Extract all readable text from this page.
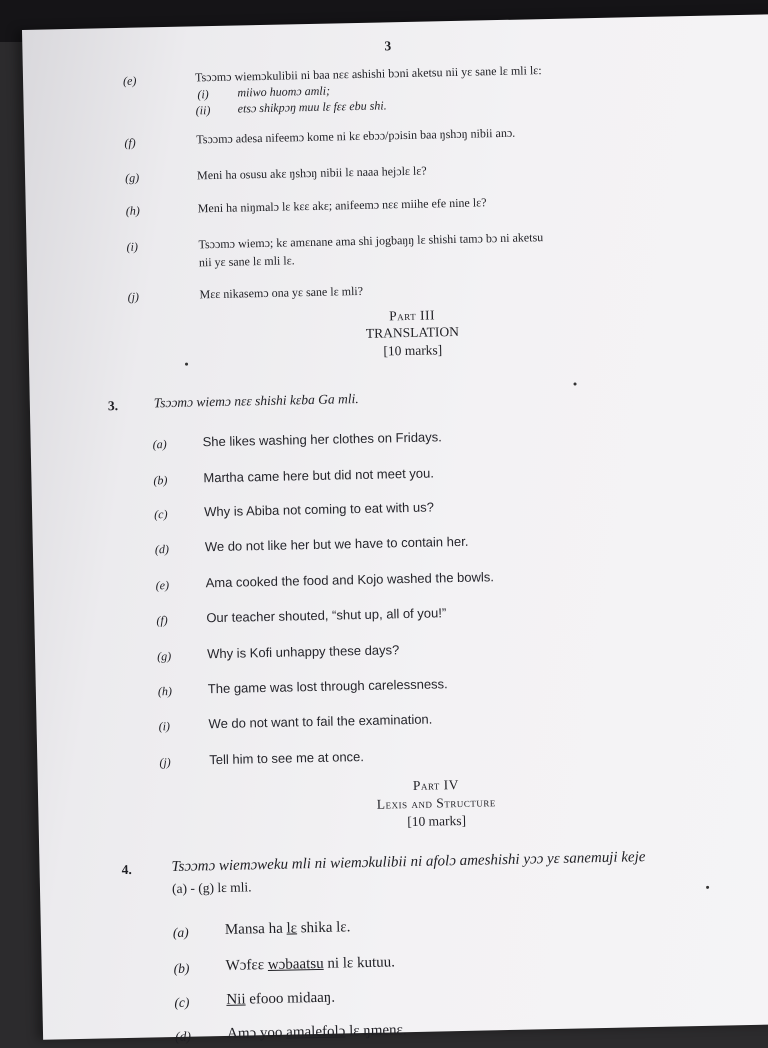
3
(e)	Tsɔɔmɔ wiemɔkulibii ni baa nɛɛ ashishi bɔni aketsu nii yɛ sane lɛ mli lɛ:
(i) miiwo huomɔ amli;
(ii) etsɔ shikpɔŋ muu lɛ fɛɛ ebu shi.
(f)	Tsɔɔmɔ adesa nifeemɔ kome ni kɛ ebɔɔ/pɔisin baa ŋshɔŋ nibii anɔ.
(g)	Meni ha osusu akɛ ŋshɔŋ nibii lɛ naaa hejɔlɛ lɛ?
(h)	Meni ha niŋmalɔ lɛ kɛɛ akɛ; anifeemɔ nɛɛ miihe efe nine lɛ?
(i)	Tsɔɔmɔ wiemɔ; kɛ amɛnane ama shi jogbaŋŋ lɛ shishi tamɔ bɔ ni aketsu
nii yɛ sane lɛ mli lɛ.
(j)	Mɛɛ nikasemɔ ona yɛ sane lɛ mli?
Part III
TRANSLATION
[10 marks]
3.	Tsɔɔmɔ wiemɔ nɛɛ shishi kɛba Ga mli.
(a)	She likes washing her clothes on Fridays.
(b)	Martha came here but did not meet you.
(c)	Why is Abiba not coming to eat with us?
(d)	We do not like her but we have to contain her.
(e)	Ama cooked the food and Kojo washed the bowls.
(f)	Our teacher shouted, “shut up, all of you!”
(g)	Why is Kofi unhappy these days?
(h)	The game was lost through carelessness.
(i)	We do not want to fail the examination.
(j)	Tell him to see me at once.
Part IV
Lexis and Structure
[10 marks]
4.	Tsɔɔmɔ wiemɔweku mli ni wiemɔkulibii ni afolɔ ameshishi yɔɔ yɛ sanemuji keje
(a) - (g) lɛ mli.
(a) Mansa ha lɛ shika lɛ.
(b) Wɔfɛɛ wɔbaatsu ni lɛ kutuu.
(c) Nii efooo midaaŋ.
(d) Amɔ yoo amalefolɔ lɛ ŋmenɛ.
